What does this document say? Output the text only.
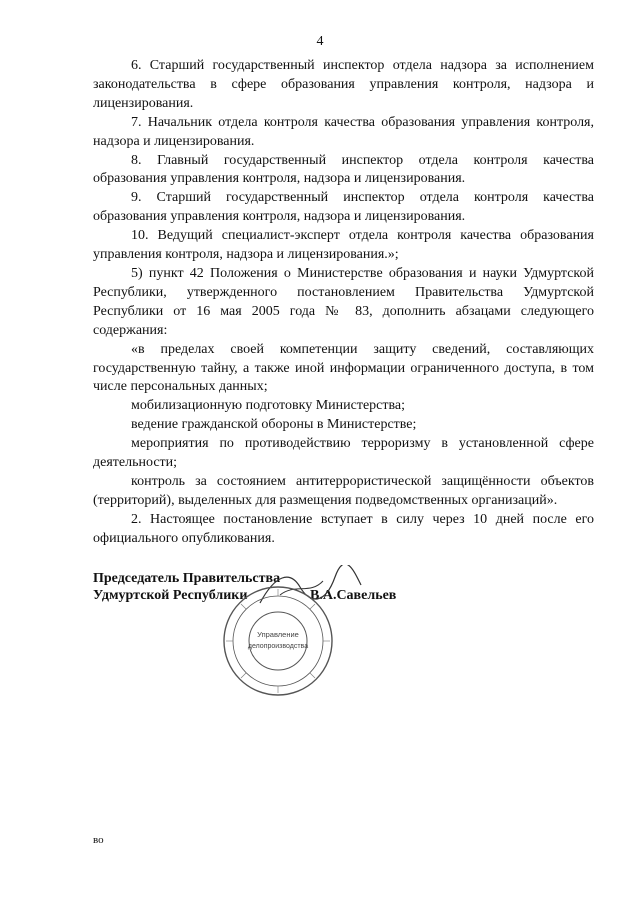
4

6. Старший государственный инспектор отдела надзора за исполнением законодательства в сфере образования управления контроля, надзора и лицензирования.

7. Начальник отдела контроля качества образования управления контроля, надзора и лицензирования.

8. Главный государственный инспектор отдела контроля качества образования управления контроля, надзора и лицензирования.

9. Старший государственный инспектор отдела контроля качества образования управления контроля, надзора и лицензирования.

10. Ведущий специалист-эксперт отдела контроля качества образования управления контроля, надзора и лицензирования.»;

5) пункт 42 Положения о Министерстве образования и науки Удмуртской Республики, утвержденного постановлением Правительства Удмуртской Республики от 16 мая 2005 года № 83, дополнить абзацами следующего содержания:

«в пределах своей компетенции защиту сведений, составляющих государственную тайну, а также иной информации ограниченного доступа, в том числе персональных данных;

мобилизационную подготовку Министерства;

ведение гражданской обороны в Министерстве;

мероприятия по противодействию терроризму в установленной сфере деятельности;

контроль за состоянием антитеррористической защищённости объектов (территорий), выделенных для размещения подведомственных организаций».

2. Настоящее постановление вступает в силу через 10 дней после его официального опубликования.

Председатель Правительства
Удмуртской Республики	В.А.Савельев
Управление
делопроизводства
во
